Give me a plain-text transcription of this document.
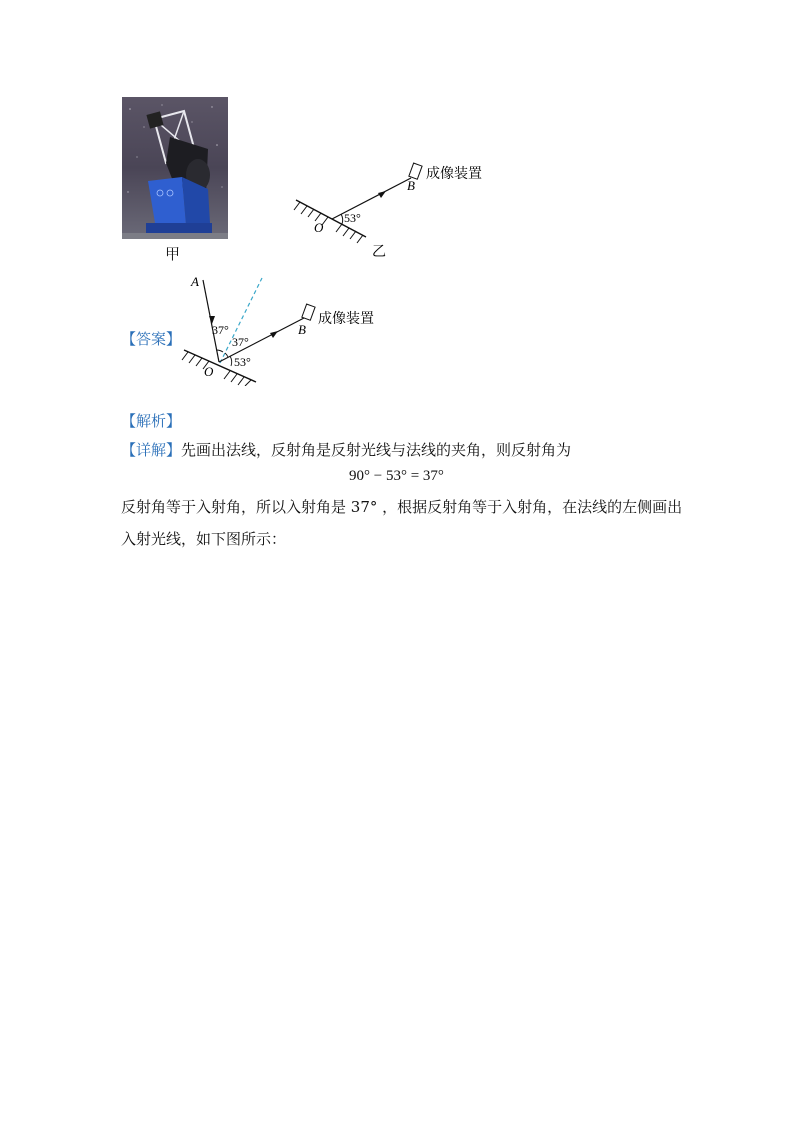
甲
53°
O
B
成像装置
乙
【答案】
A
37°
37°
53°
O
B
成像装置
【解析】
【详解】先画出法线，反射角是反射光线与法线的夹角，则反射角为
90° − 53° = 37°
反射角等于入射角，所以入射角是 37° ，根据反射角等于入射角，在法线的左侧画出
入射光线，如下图所示：
